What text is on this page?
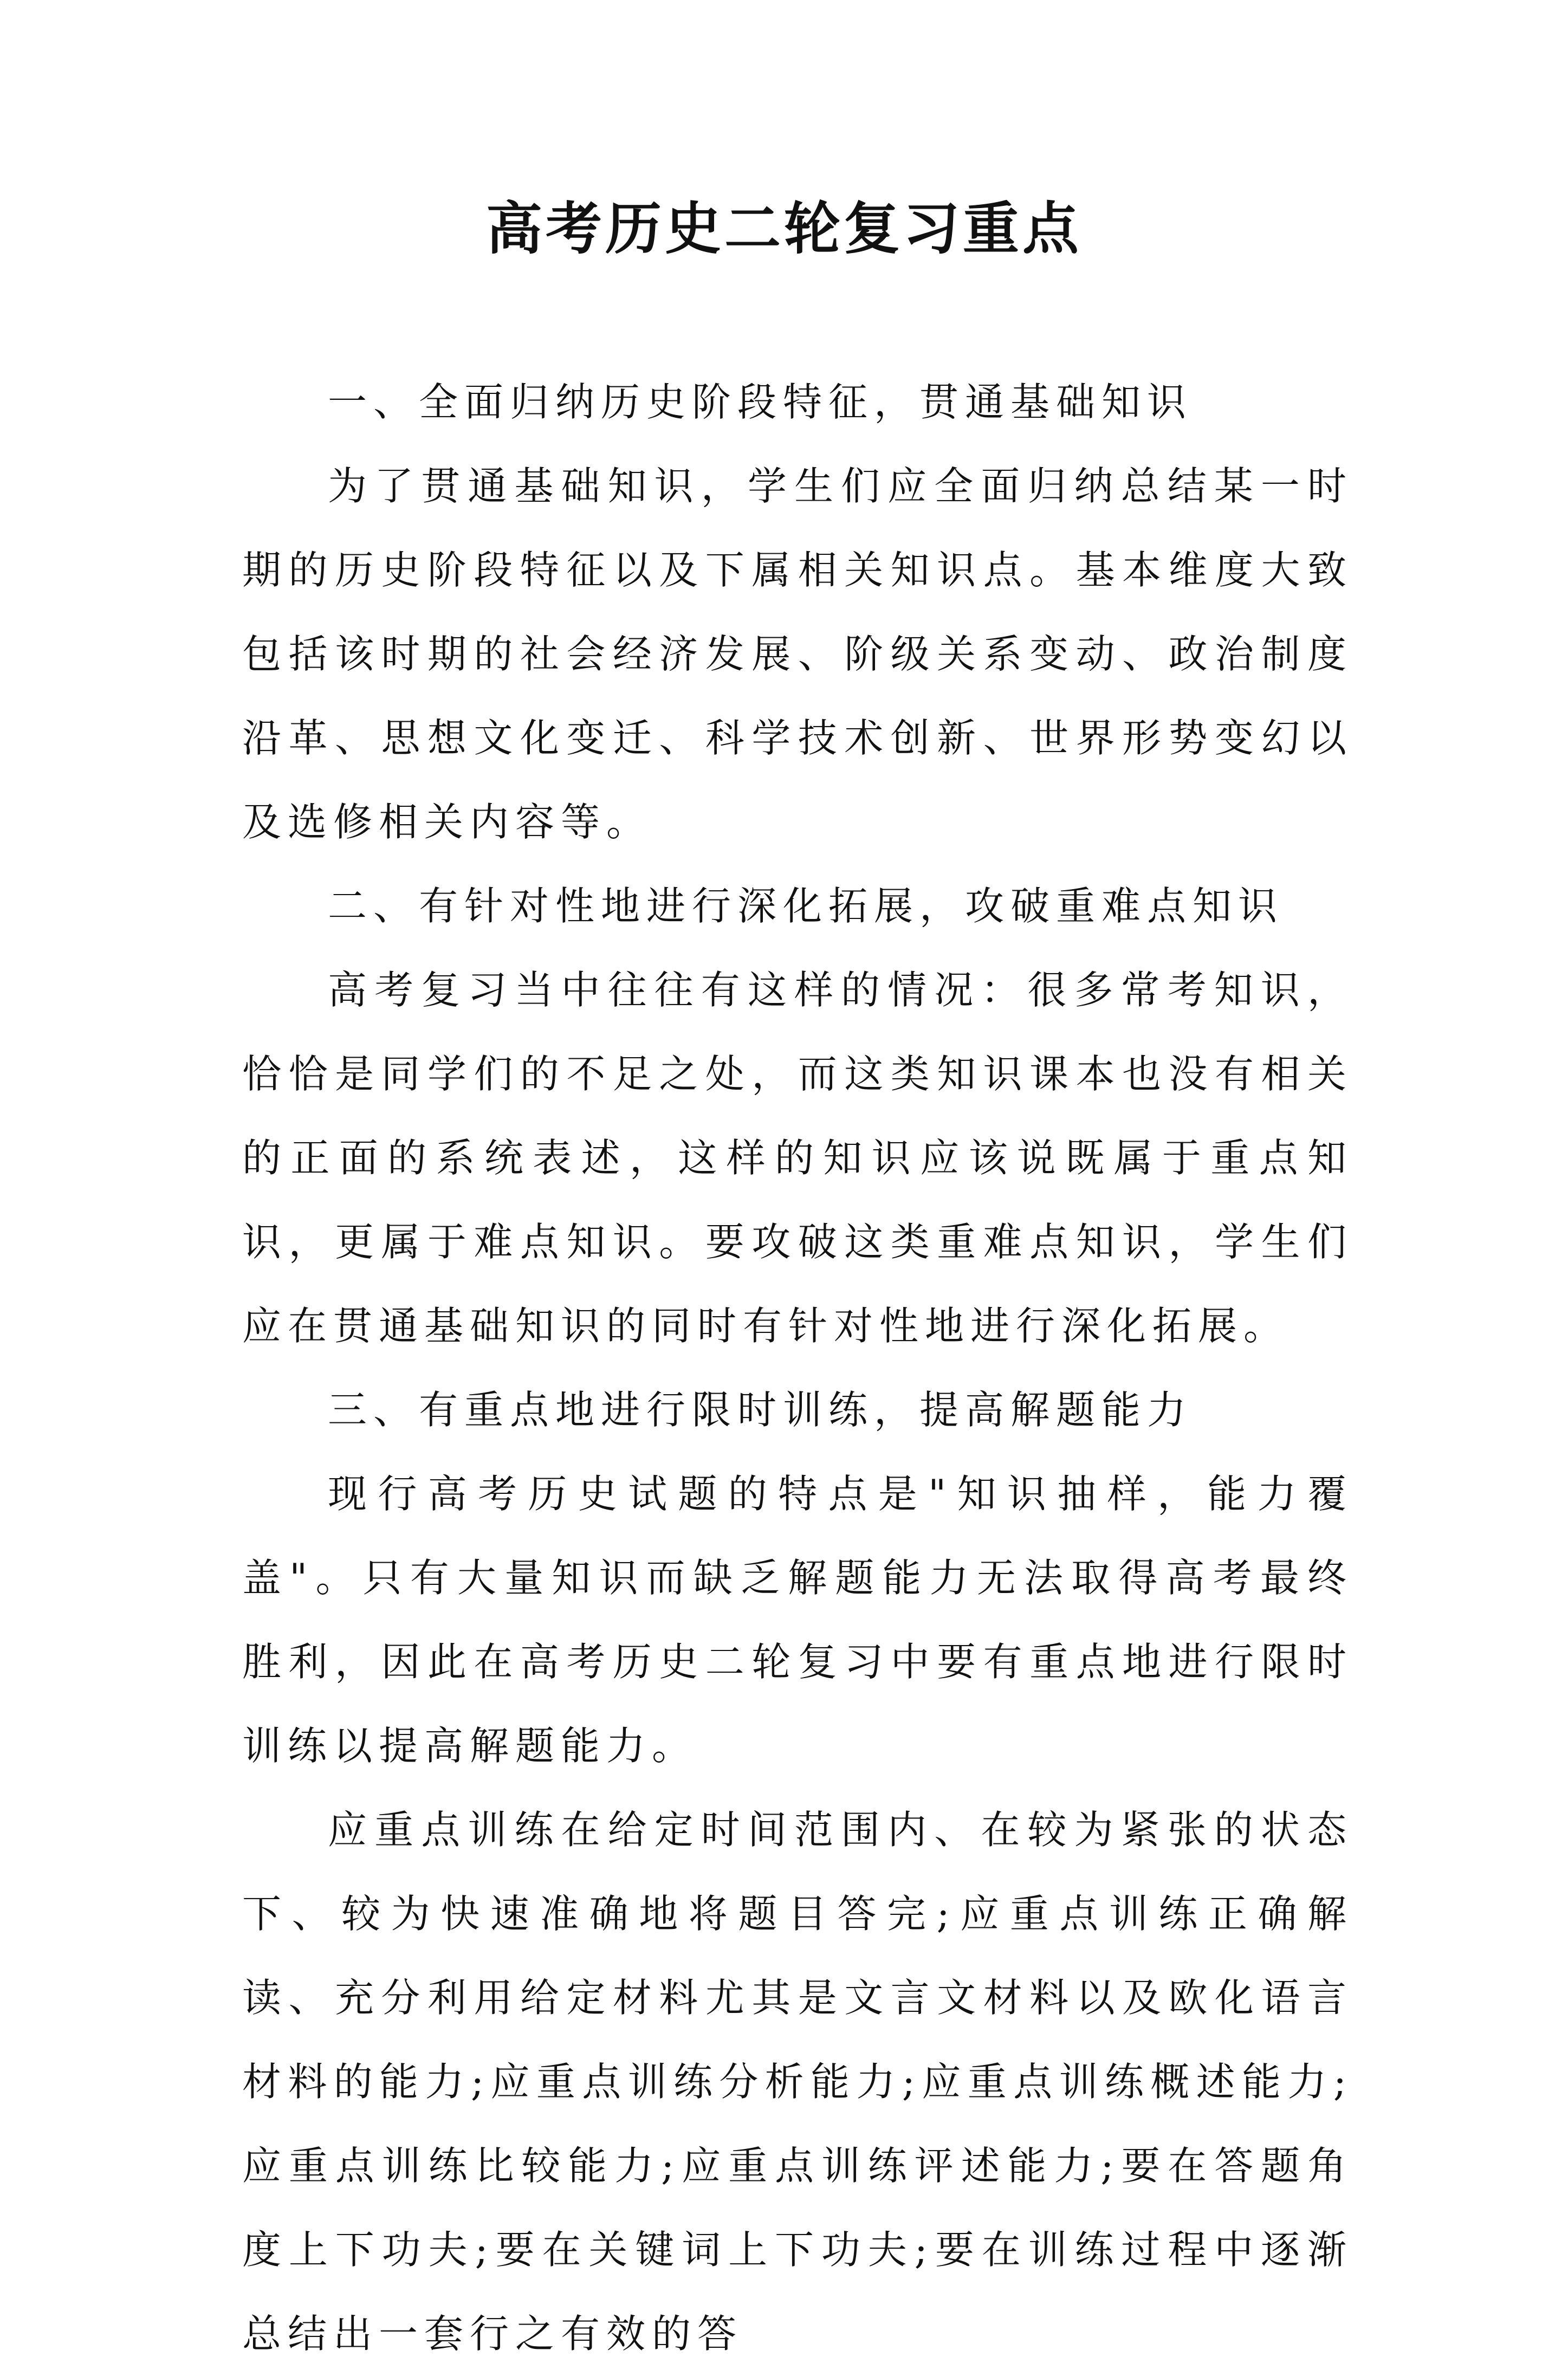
高考历史二轮复习重点

一、全面归纳历史阶段特征，贯通基础知识

为了贯通基础知识，学生们应全面归纳总结某一时期的历史阶段特征以及下属相关知识点。基本维度大致包括该时期的社会经济发展、阶级关系变动、政治制度沿革、思想文化变迁、科学技术创新、世界形势变幻以及选修相关内容等。

二、有针对性地进行深化拓展，攻破重难点知识

高考复习当中往往有这样的情况：很多常考知识，恰恰是同学们的不足之处，而这类知识课本也没有相关的正面的系统表述，这样的知识应该说既属于重点知识，更属于难点知识。要攻破这类重难点知识，学生们应在贯通基础知识的同时有针对性地进行深化拓展。

三、有重点地进行限时训练，提高解题能力

现行高考历史试题的特点是"知识抽样，能力覆盖"。只有大量知识而缺乏解题能力无法取得高考最终胜利，因此在高考历史二轮复习中要有重点地进行限时训练以提高解题能力。

应重点训练在给定时间范围内、在较为紧张的状态下、较为快速准确地将题目答完;应重点训练正确解读、充分利用给定材料尤其是文言文材料以及欧化语言材料的能力;应重点训练分析能力;应重点训练概述能力;应重点训练比较能力;应重点训练评述能力;要在答题角度上下功夫;要在关键词上下功夫;要在训练过程中逐渐总结出一套行之有效的答
